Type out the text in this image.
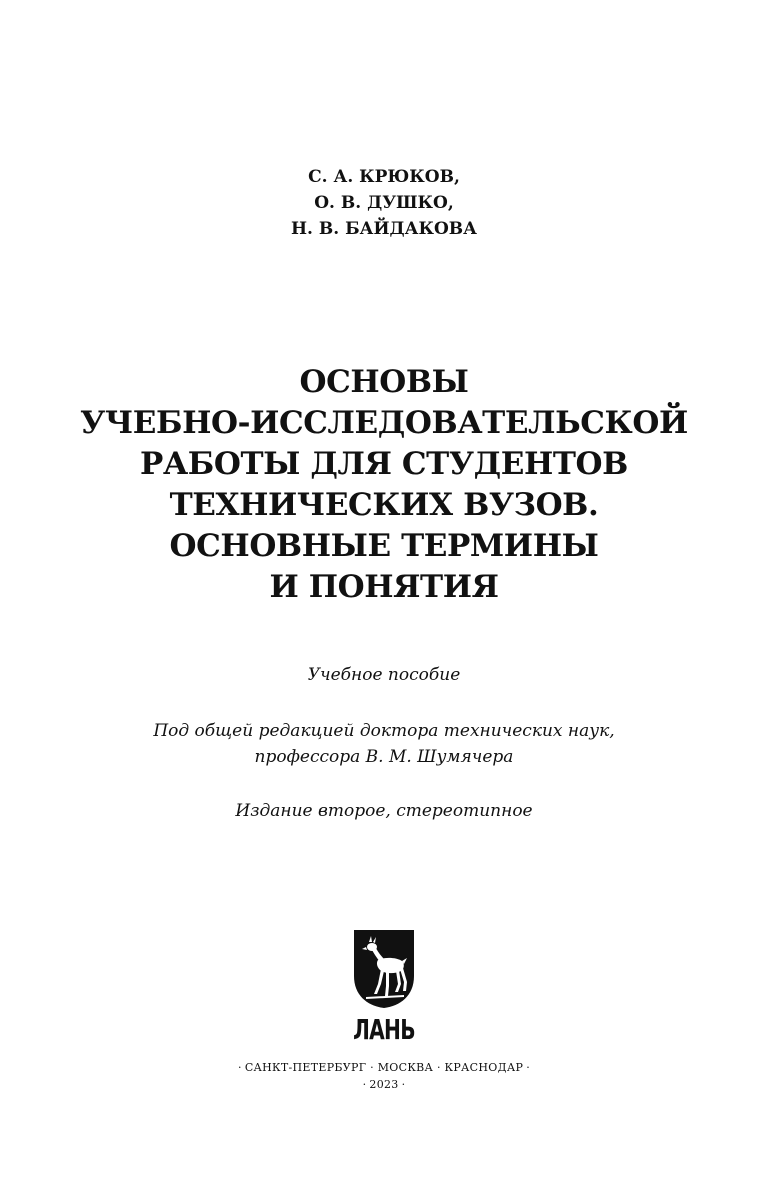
С. А. КРЮКОВ,
О. В. ДУШКО,
Н. В. БАЙДАКОВА
ОСНОВЫ
УЧЕБНО-ИССЛЕДОВАТЕЛЬСКОЙ
РАБОТЫ ДЛЯ СТУДЕНТОВ
ТЕХНИЧЕСКИХ ВУЗОВ.
ОСНОВНЫЕ ТЕРМИНЫ
И ПОНЯТИЯ
Учебное пособие
Под общей редакцией доктора технических наук,
профессора В. М. Шумячера
Издание второе, стереотипное
ЛАНЬ
· САНКТ-ПЕТЕРБУРГ · МОСКВА · КРАСНОДАР ·
· 2023 ·
